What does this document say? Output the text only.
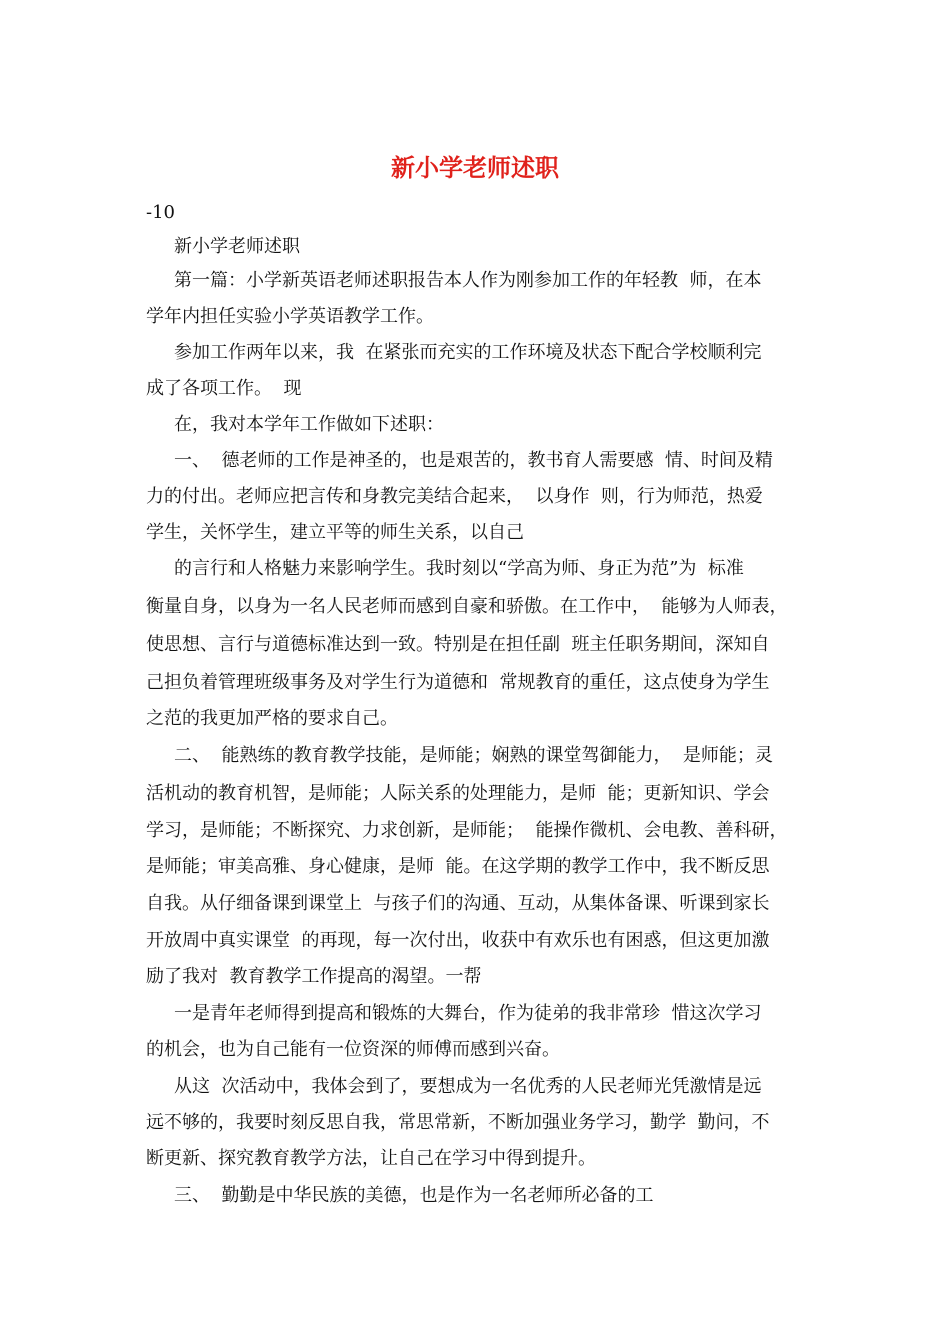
新小学老师述职
-10
新小学老师述职
第一篇：小学新英语老师述职报告本人作为刚参加工作的年轻教  师，在本
学年内担任实验小学英语教学工作。
参加工作两年以来，我  在紧张而充实的工作环境及状态下配合学校顺利完
成了各项工作。  现
在，我对本学年工作做如下述职：
一、  德老师的工作是神圣的，也是艰苦的，教书育人需要感  情、时间及精
力的付出。老师应把言传和身教完美结合起来，  以身作  则，行为师范，热爱
学生，关怀学生，建立平等的师生关系，以自己
的言行和人格魅力来影响学生。我时刻以“学高为师、身正为范”为  标准
衡量自身，以身为一名人民老师而感到自豪和骄傲。在工作中，  能够为人师表，
使思想、言行与道德标准达到一致。特别是在担任副  班主任职务期间，深知自
己担负着管理班级事务及对学生行为道德和  常规教育的重任，这点使身为学生
之范的我更加严格的要求自己。
二、  能熟练的教育教学技能，是师能；娴熟的课堂驾御能力，  是师能；灵
活机动的教育机智，是师能；人际关系的处理能力，是师  能；更新知识、学会
学习，是师能；不断探究、力求创新，是师能；  能操作微机、会电教、善科研，
是师能；审美高雅、身心健康，是师  能。在这学期的教学工作中，我不断反思
自我。从仔细备课到课堂上  与孩子们的沟通、互动，从集体备课、听课到家长
开放周中真实课堂  的再现，每一次付出，收获中有欢乐也有困惑，但这更加激
励了我对  教育教学工作提高的渴望。一帮
一是青年老师得到提高和锻炼的大舞台，作为徒弟的我非常珍  惜这次学习
的机会，也为自己能有一位资深的师傅而感到兴奋。
从这  次活动中，我体会到了，要想成为一名优秀的人民老师光凭激情是远
远不够的，我要时刻反思自我，常思常新，不断加强业务学习，勤学  勤问，不
断更新、探究教育教学方法，让自己在学习中得到提升。
三、  勤勤是中华民族的美德，也是作为一名老师所必备的工
